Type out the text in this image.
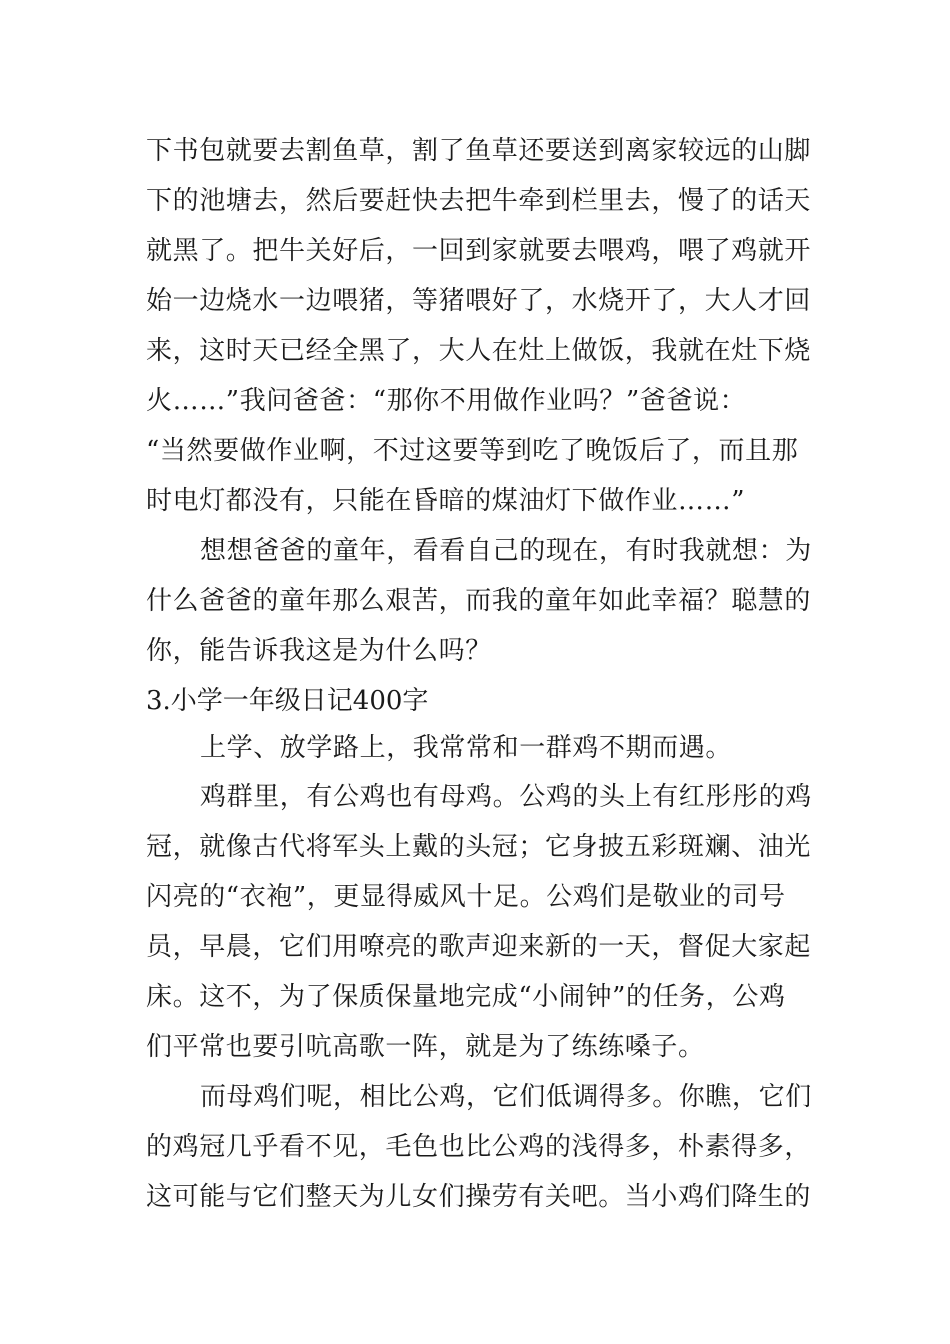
下书包就要去割鱼草，割了鱼草还要送到离家较远的山脚
下的池塘去，然后要赶快去把牛牵到栏里去，慢了的话天
就黑了。把牛关好后，一回到家就要去喂鸡，喂了鸡就开
始一边烧水一边喂猪，等猪喂好了，水烧开了，大人才回
来，这时天已经全黑了，大人在灶上做饭，我就在灶下烧
火……”我问爸爸：“那你不用做作业吗？”爸爸说：
“当然要做作业啊，不过这要等到吃了晚饭后了，而且那
时电灯都没有，只能在昏暗的煤油灯下做作业……”
想想爸爸的童年，看看自己的现在，有时我就想：为
什么爸爸的童年那么艰苦，而我的童年如此幸福？聪慧的
你，能告诉我这是为什么吗？
3.小学一年级日记400字
上学、放学路上，我常常和一群鸡不期而遇。
鸡群里，有公鸡也有母鸡。公鸡的头上有红彤彤的鸡
冠，就像古代将军头上戴的头冠；它身披五彩斑斓、油光
闪亮的“衣袍”，更显得威风十足。公鸡们是敬业的司号
员，早晨，它们用嘹亮的歌声迎来新的一天，督促大家起
床。这不，为了保质保量地完成“小闹钟”的任务，公鸡
们平常也要引吭高歌一阵，就是为了练练嗓子。
而母鸡们呢，相比公鸡，它们低调得多。你瞧，它们
的鸡冠几乎看不见，毛色也比公鸡的浅得多，朴素得多，
这可能与它们整天为儿女们操劳有关吧。当小鸡们降生的
